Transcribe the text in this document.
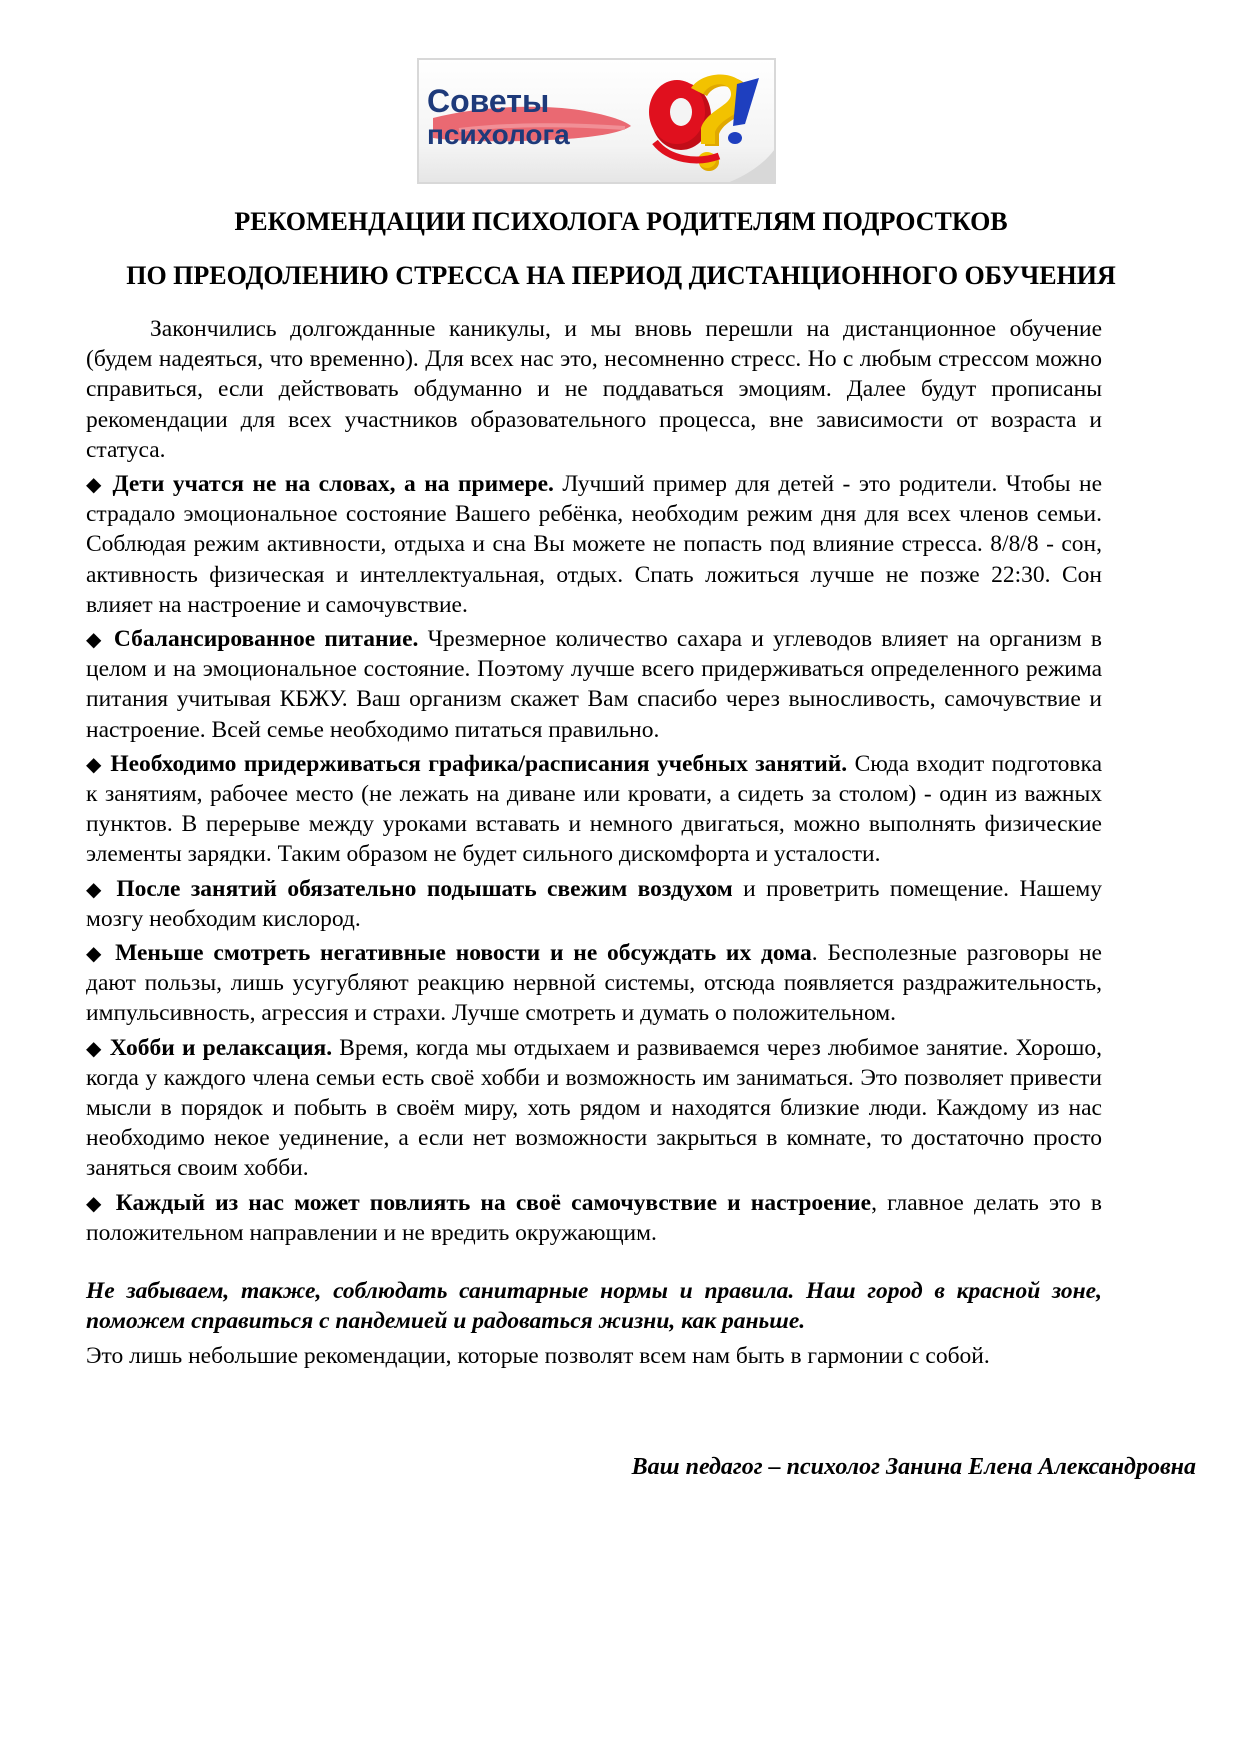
Советы
психолога
РЕКОМЕНДАЦИИ ПСИХОЛОГА РОДИТЕЛЯМ ПОДРОСТКОВ
ПО ПРЕОДОЛЕНИЮ СТРЕССА НА ПЕРИОД ДИСТАНЦИОННОГО ОБУЧЕНИЯ

Закончились долгожданные каникулы, и мы вновь перешли на дистанционное обучение (будем надеяться, что временно). Для всех нас это, несомненно стресс. Но с любым стрессом можно справиться, если действовать обдуманно и не поддаваться эмоциям. Далее будут прописаны рекомендации для всех участников образовательного процесса, вне зависимости от возраста и статуса.

◆ Дети учатся не на словах, а на примере. Лучший пример для детей - это родители. Чтобы не страдало эмоциональное состояние Вашего ребёнка, необходим режим дня для всех членов семьи. Соблюдая режим активности, отдыха и сна Вы можете не попасть под влияние стресса. 8/8/8 - сон, активность физическая и интеллектуальная, отдых. Спать ложиться лучше не позже 22:30. Сон влияет на настроение и самочувствие.

◆ Сбалансированное питание. Чрезмерное количество сахара и углеводов влияет на организм в целом и на эмоциональное состояние. Поэтому лучше всего придерживаться определенного режима питания учитывая КБЖУ. Ваш организм скажет Вам спасибо через выносливость, самочувствие и настроение. Всей семье необходимо питаться правильно.

◆ Необходимо придерживаться графика/расписания учебных занятий. Сюда входит подготовка к занятиям, рабочее место (не лежать на диване или кровати, а сидеть за столом) - один из важных пунктов. В перерыве между уроками вставать и немного двигаться, можно выполнять физические элементы зарядки. Таким образом не будет сильного дискомфорта и усталости.

◆ После занятий обязательно подышать свежим воздухом и проветрить помещение. Нашему мозгу необходим кислород.

◆ Меньше смотреть негативные новости и не обсуждать их дома. Бесполезные разговоры не дают пользы, лишь усугубляют реакцию нервной системы, отсюда появляется раздражительность, импульсивность, агрессия и страхи. Лучше смотреть и думать о положительном.

◆ Хобби и релаксация. Время, когда мы отдыхаем и развиваемся через любимое занятие. Хорошо, когда у каждого члена семьи есть своё хобби и возможность им заниматься. Это позволяет привести мысли в порядок и побыть в своём миру, хоть рядом и находятся близкие люди. Каждому из нас необходимо некое уединение, а если нет возможности закрыться в комнате, то достаточно просто заняться своим хобби.

◆ Каждый из нас может повлиять на своё самочувствие и настроение, главное делать это в положительном направлении и не вредить окружающим.

Не забываем, также, соблюдать санитарные нормы и правила. Наш город в красной зоне, поможем справиться с пандемией и радоваться жизни, как раньше.

Это лишь небольшие рекомендации, которые позволят всем нам быть в гармонии с собой.

Ваш педагог – психолог Занина Елена Александровна
